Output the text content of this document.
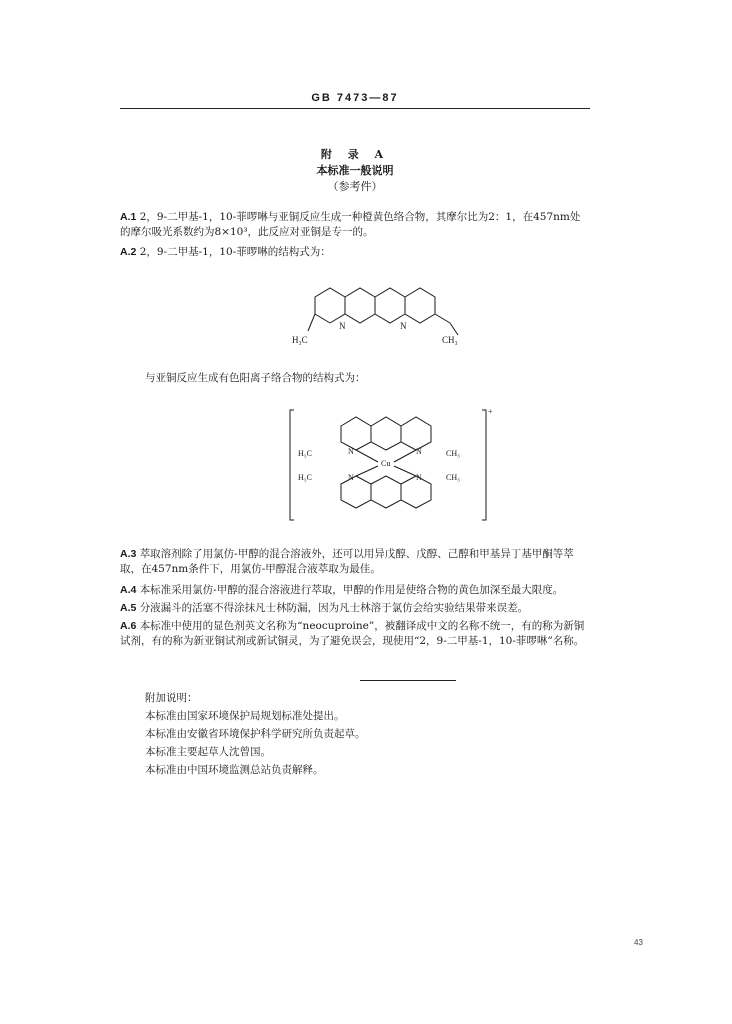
GB 7473—87
附 录 A
本标准一般说明
（参考件）
A.1 2，9-二甲基-1，10-菲啰啉与亚铜反应生成一种橙黄色络合物，其摩尔比为2：1，在457nm处的摩尔吸光系数约为8×10³，此反应对亚铜是专一的。
A.2 2，9-二甲基-1，10-菲啰啉的结构式为：
N	N
H₃C	CH₃
与亚铜反应生成有色阳离子络合物的结构式为：
Cu
N	N
N	N
H₃C	CH₃
H₃C	CH₃
+
A.3 萃取溶剂除了用氯仿-甲醇的混合溶液外，还可以用异戊醇、戊醇、己醇和甲基异丁基甲酮等萃取，在457nm条件下，用氯仿-甲醇混合液萃取为最佳。
A.4 本标准采用氯仿-甲醇的混合溶液进行萃取，甲醇的作用是使络合物的黄色加深至最大限度。
A.5 分液漏斗的活塞不得涂抹凡士林防漏，因为凡士林溶于氯仿会给实验结果带来误差。
A.6 本标准中使用的显色剂英文名称为“neocuproine”，被翻译成中文的名称不统一，有的称为新铜试剂，有的称为新亚铜试剂或新试铜灵，为了避免误会，现使用“2，9-二甲基-1，10-菲啰啉”名称。
附加说明：
本标准由国家环境保护局规划标准处提出。
本标准由安徽省环境保护科学研究所负责起草。
本标准主要起草人沈曾国。
本标准由中国环境监测总站负责解释。
43
